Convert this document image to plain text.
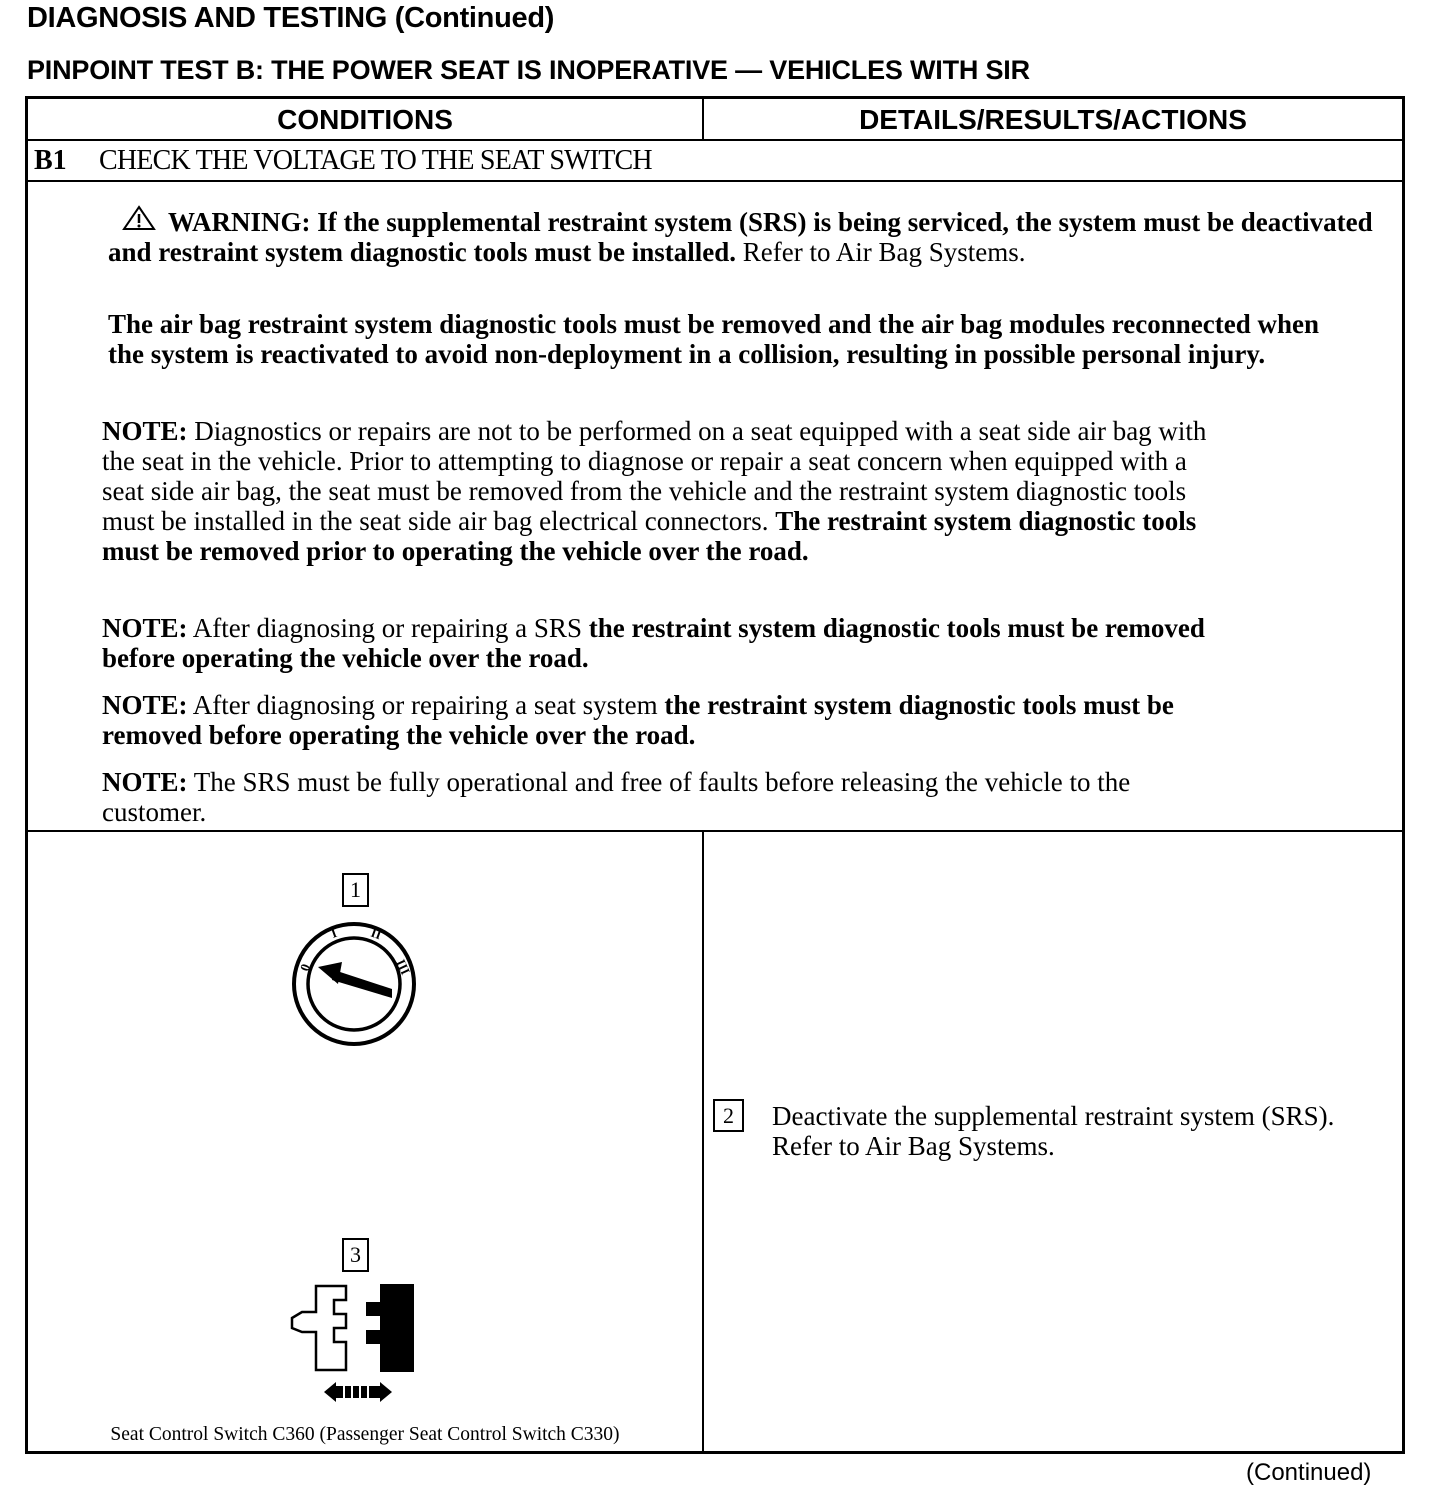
DIAGNOSIS AND TESTING (Continued)
PINPOINT TEST B: THE POWER SEAT IS INOPERATIVE — VEHICLES WITH SIR
CONDITIONS	DETAILS/RESULTS/ACTIONS
B1 CHECK THE VOLTAGE TO THE SEAT SWITCH
WARNING: If the supplemental restraint system (SRS) is being serviced, the system must be deactivated and restraint system diagnostic tools must be installed. Refer to Air Bag Systems.
The air bag restraint system diagnostic tools must be removed and the air bag modules reconnected when the system is reactivated to avoid non-deployment in a collision, resulting in possible personal injury.
NOTE: Diagnostics or repairs are not to be performed on a seat equipped with a seat side air bag with the seat in the vehicle. Prior to attempting to diagnose or repair a seat concern when equipped with a seat side air bag, the seat must be removed from the vehicle and the restraint system diagnostic tools must be installed in the seat side air bag electrical connectors. The restraint system diagnostic tools must be removed prior to operating the vehicle over the road.
NOTE: After diagnosing or repairing a SRS the restraint system diagnostic tools must be removed before operating the vehicle over the road.
NOTE: After diagnosing or repairing a seat system the restraint system diagnostic tools must be removed before operating the vehicle over the road.
NOTE: The SRS must be fully operational and free of faults before releasing the vehicle to the customer.
1
0
I II
III
2	Deactivate the supplemental restraint system (SRS). Refer to Air Bag Systems.
3
Seat Control Switch C360 (Passenger Seat Control Switch C330)
(Continued)
